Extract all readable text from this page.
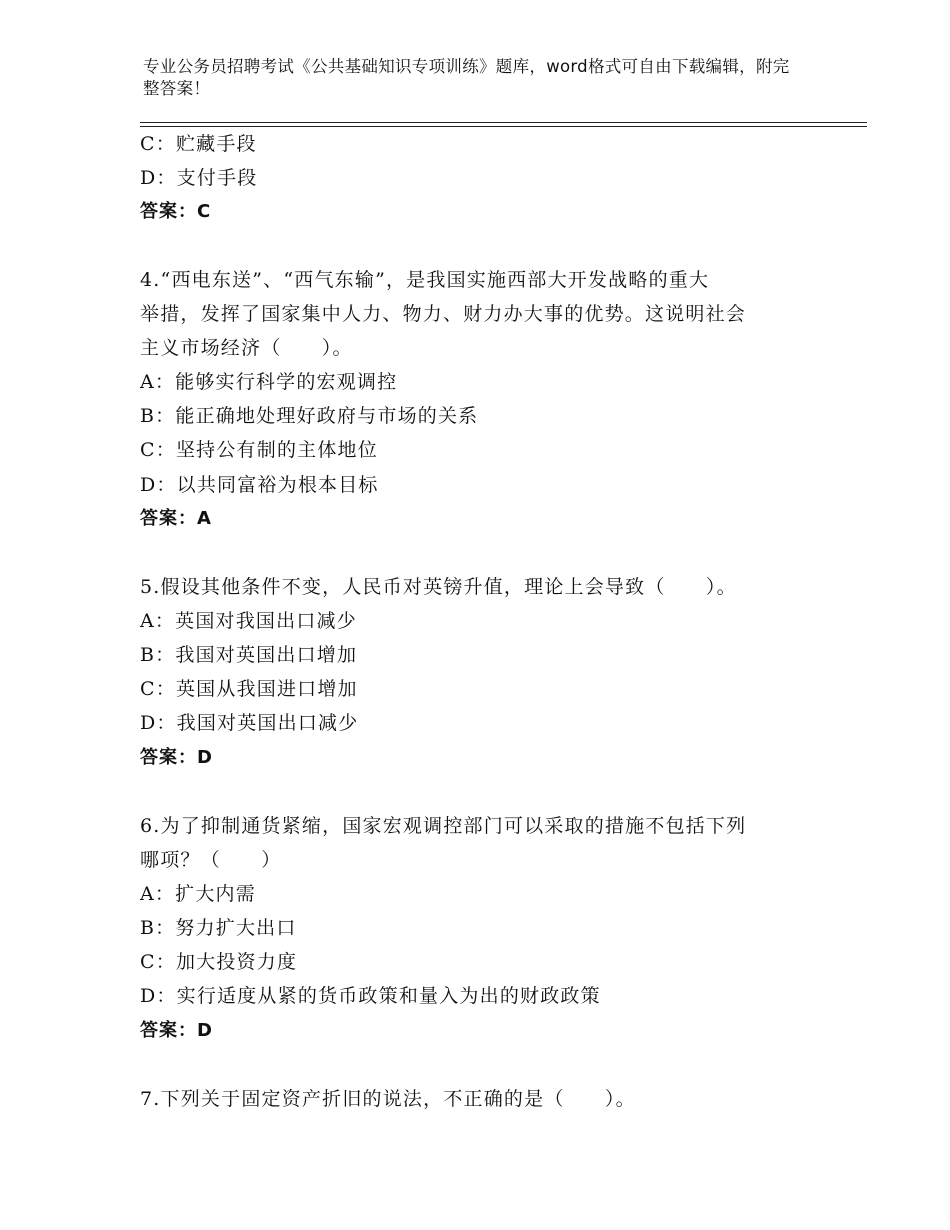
专业公务员招聘考试《公共基础知识专项训练》题库，word格式可自由下载编辑，附完整答案！
C：贮藏手段
D：支付手段
答案：C
4.“西电东送”、“西气东输”，是我国实施西部大开发战略的重大
举措，发挥了国家集中人力、物力、财力办大事的优势。这说明社会
主义市场经济（　　）。
A：能够实行科学的宏观调控
B：能正确地处理好政府与市场的关系
C：坚持公有制的主体地位
D：以共同富裕为根本目标
答案：A
5.假设其他条件不变，人民币对英镑升值，理论上会导致（　　）。
A：英国对我国出口减少
B：我国对英国出口增加
C：英国从我国进口增加
D：我国对英国出口减少
答案：D
6.为了抑制通货紧缩，国家宏观调控部门可以采取的措施不包括下列
哪项？（　　）
A：扩大内需
B：努力扩大出口
C：加大投资力度
D：实行适度从紧的货币政策和量入为出的财政政策
答案：D
7.下列关于固定资产折旧的说法，不正确的是（　　）。
